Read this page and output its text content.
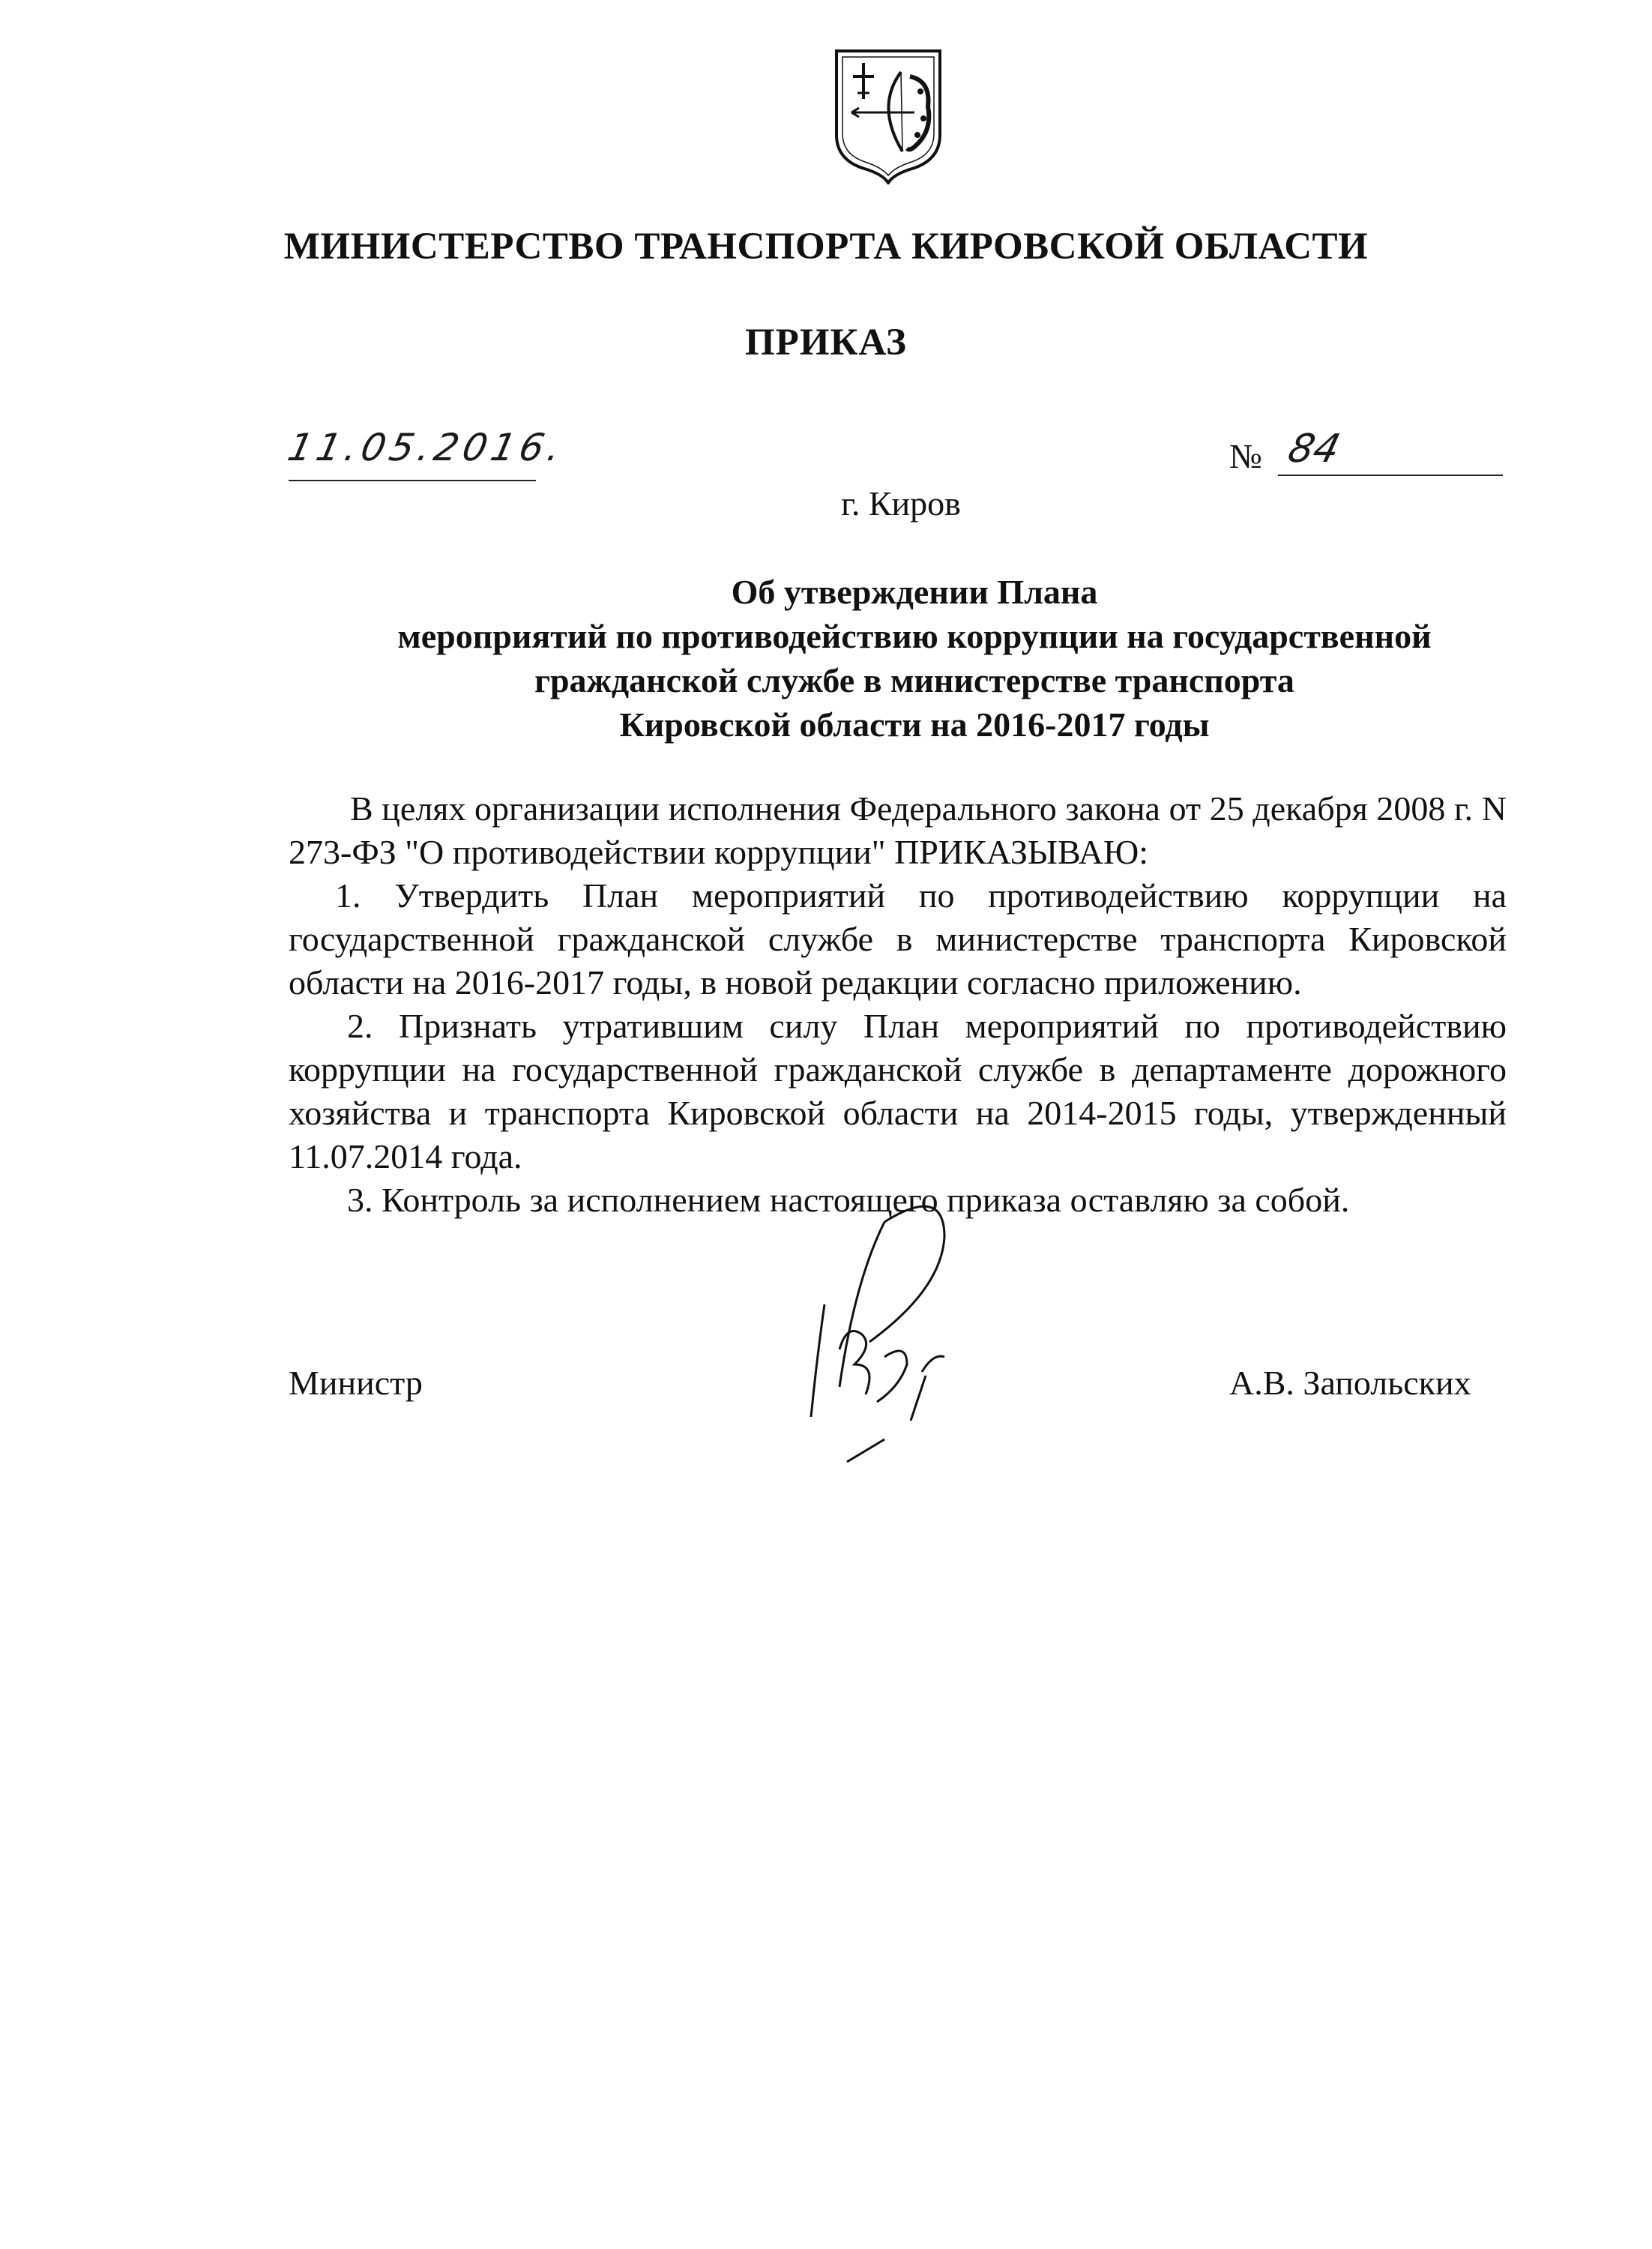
МИНИСТЕРСТВО ТРАНСПОРТА КИРОВСКОЙ ОБЛАСТИ
ПРИКАЗ
11.05.2016.	№ 84
г. Киров
Об утверждении Плана
мероприятий по противодействию коррупции на государственной
гражданской службе в министерстве транспорта
Кировской области на 2016-2017 годы

В целях организации исполнения Федерального закона от 25 декабря 2008 г. N 273-ФЗ "О противодействии коррупции" ПРИКАЗЫВАЮ:

1. Утвердить План мероприятий по противодействию коррупции на государственной гражданской службе в министерстве транспорта Кировской области на 2016-2017 годы, в новой редакции согласно приложению.

2. Признать утратившим силу План мероприятий по противодействию коррупции на государственной гражданской службе в департаменте дорожного хозяйства и транспорта Кировской области на 2014-2015 годы, утвержденный 11.07.2014 года.

3. Контроль за исполнением настоящего приказа оставляю за собой.

Министр	А.В. Запольских
